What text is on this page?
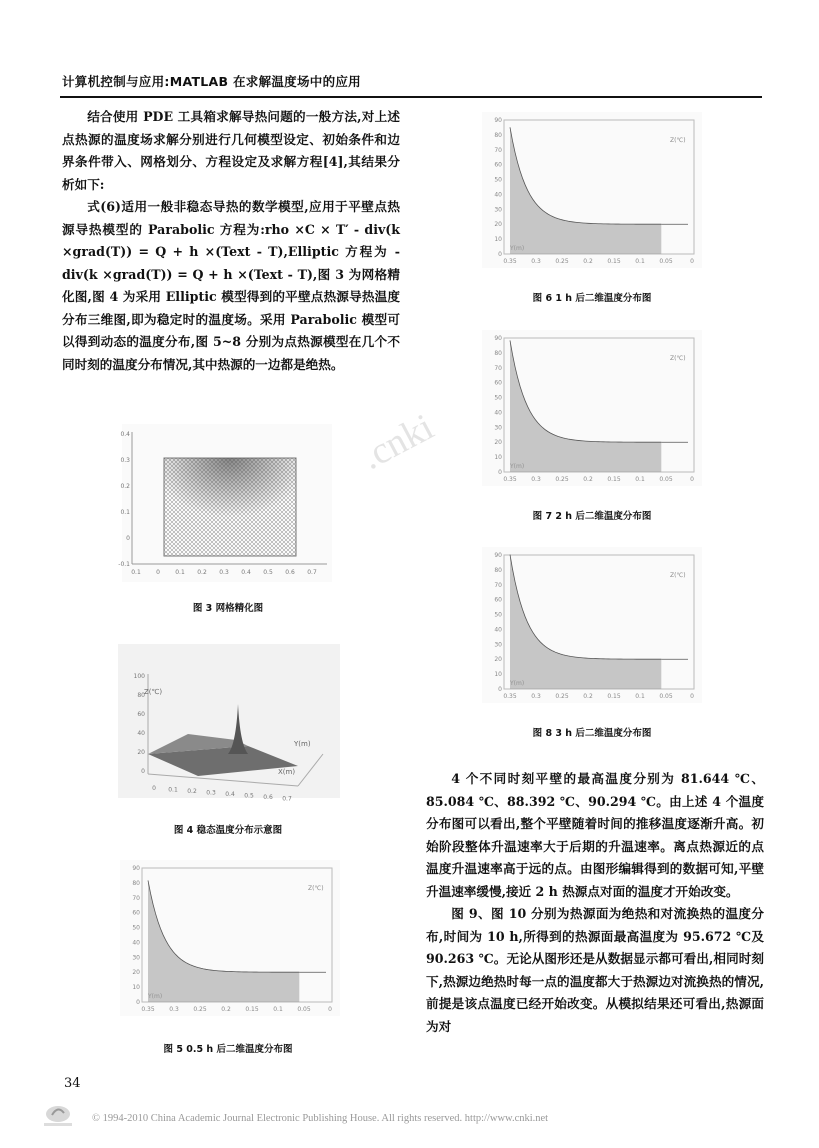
.cnki
计算机控制与应用:MATLAB 在求解温度场中的应用

结合使用 PDE 工具箱求解导热问题的一般方法,对上述点热源的温度场求解分别进行几何模型设定、初始条件和边界条件带入、网格划分、方程设定及求解方程[4],其结果分析如下:

式(6)适用一般非稳态导热的数学模型,应用于平壁点热源导热模型的 Parabolic 方程为:rho ×C × T′ - div(k ×grad(T)) = Q + h ×(Text - T),Elliptic 方程为 - div(k ×grad(T)) = Q + h ×(Text - T),图 3 为网格精化图,图 4 为采用 Elliptic 模型得到的平壁点热源导热温度分布三维图,即为稳定时的温度场。采用 Parabolic 模型可以得到动态的温度分布,图 5~8 分别为点热源模型在几个不同时刻的温度分布情况,其中热源的一边都是绝热。

0.4
0.3
0.2
0.1
0
-0.1
0.1	0	0.1 0.2 0.3 0.4 0.5 0.6 0.7
图 3 网格精化图
100
80
60
40
20
0
0 0.1 0.2 0.3 0.4 0.5 0.6 0.7
Z(℃)
Y(m)
X(m)
图 4 稳态温度分布示意图
90
80
70
60
50
40
30
20
10
0
0.35 0.3 0.25 0.2 0.15 0.1 0.05	0
Z(℃)
图 5 0.5 h 后二维温度分布图
90
80
70
60
50
40
30
20
10
0
0.35 0.3 0.25 0.2 0.15 0.1 0.05	0
Z(℃)
图 6 1 h 后二维温度分布图
90
80
70
60
50
40
30
20
10
0
0.35 0.3 0.25 0.2 0.15 0.1 0.05	0
Z(℃)
图 7 2 h 后二维温度分布图
90
80
70
60
50
40
30
20
10
0
0.35 0.3 0.25 0.2 0.15 0.1 0.05	0
Z(℃)
图 8 3 h 后二维温度分布图

4 个不同时刻平壁的最高温度分别为 81.644 ℃、85.084 ℃、88.392 ℃、90.294 ℃。由上述 4 个温度分布图可以看出,整个平壁随着时间的推移温度逐渐升高。初始阶段整体升温速率大于后期的升温速率。离点热源近的点温度升温速率高于远的点。由图形编辑得到的数据可知,平壁升温速率缓慢,接近 2 h 热源点对面的温度才开始改变。

图 9、图 10 分别为热源面为绝热和对流换热的温度分布,时间为 10 h,所得到的热源面最高温度为 95.672 ℃及 90.263 ℃。无论从图形还是从数据显示都可看出,相同时刻下,热源边绝热时每一点的温度都大于热源边对流换热的情况,前提是该点温度已经开始改变。从模拟结果还可看出,热源面为对

34
© 1994-2010 China Academic Journal Electronic Publishing House. All rights reserved. http://www.cnki.net
